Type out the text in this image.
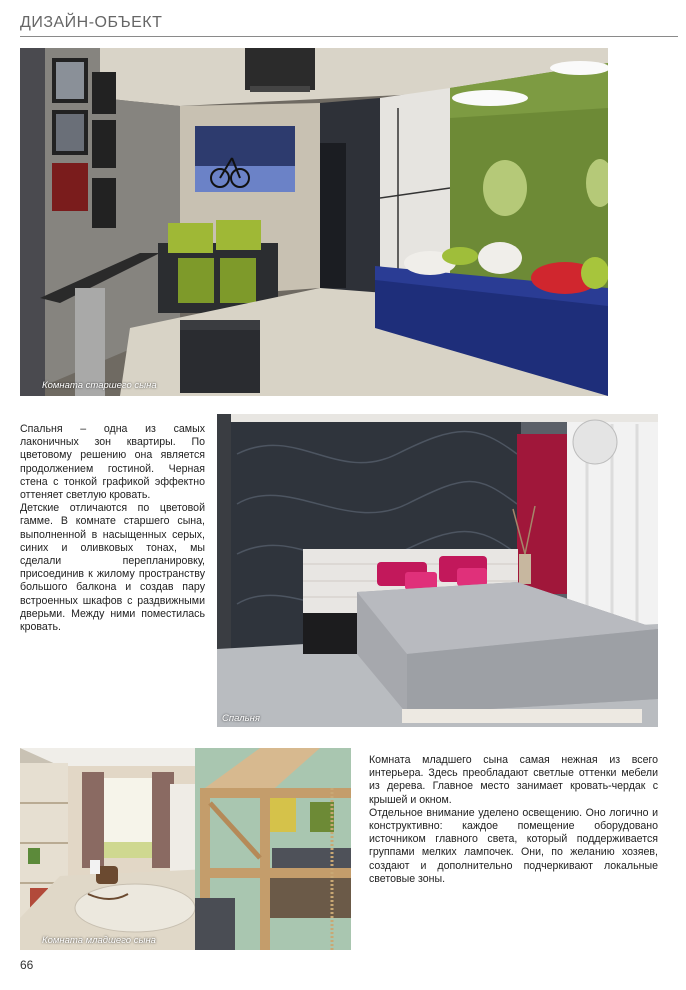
ДИЗАЙН-ОБЪЕКТ
Комната старшего сына
Спальня
Комната младшего сына

Спальня – одна из самых лаконичных зон квартиры. По цветовому решению она является продолжением гостиной. Черная стена с тонкой графикой эффектно оттеняет светлую кровать.

Детские отличаются по цветовой гамме. В комнате старшего сына, выполненной в насыщенных серых, синих и оливковых тонах, мы сделали перепланировку, присоединив к жилому пространству большого балкона и создав пару встроенных шкафов с раздвижными дверьми. Между ними поместилась кровать.

Комната младшего сына самая нежная из всего интерьера. Здесь преобладают светлые оттенки мебели из дерева. Главное место занимает кровать-чердак с крышей и окном.

Отдельное внимание уделено освещению. Оно логично и конструктивно: каждое помещение оборудовано источником главного света, который поддерживается группами мелких лампочек. Они, по желанию хозяев, создают и дополнительно подчеркивают локальные световые зоны.

66
